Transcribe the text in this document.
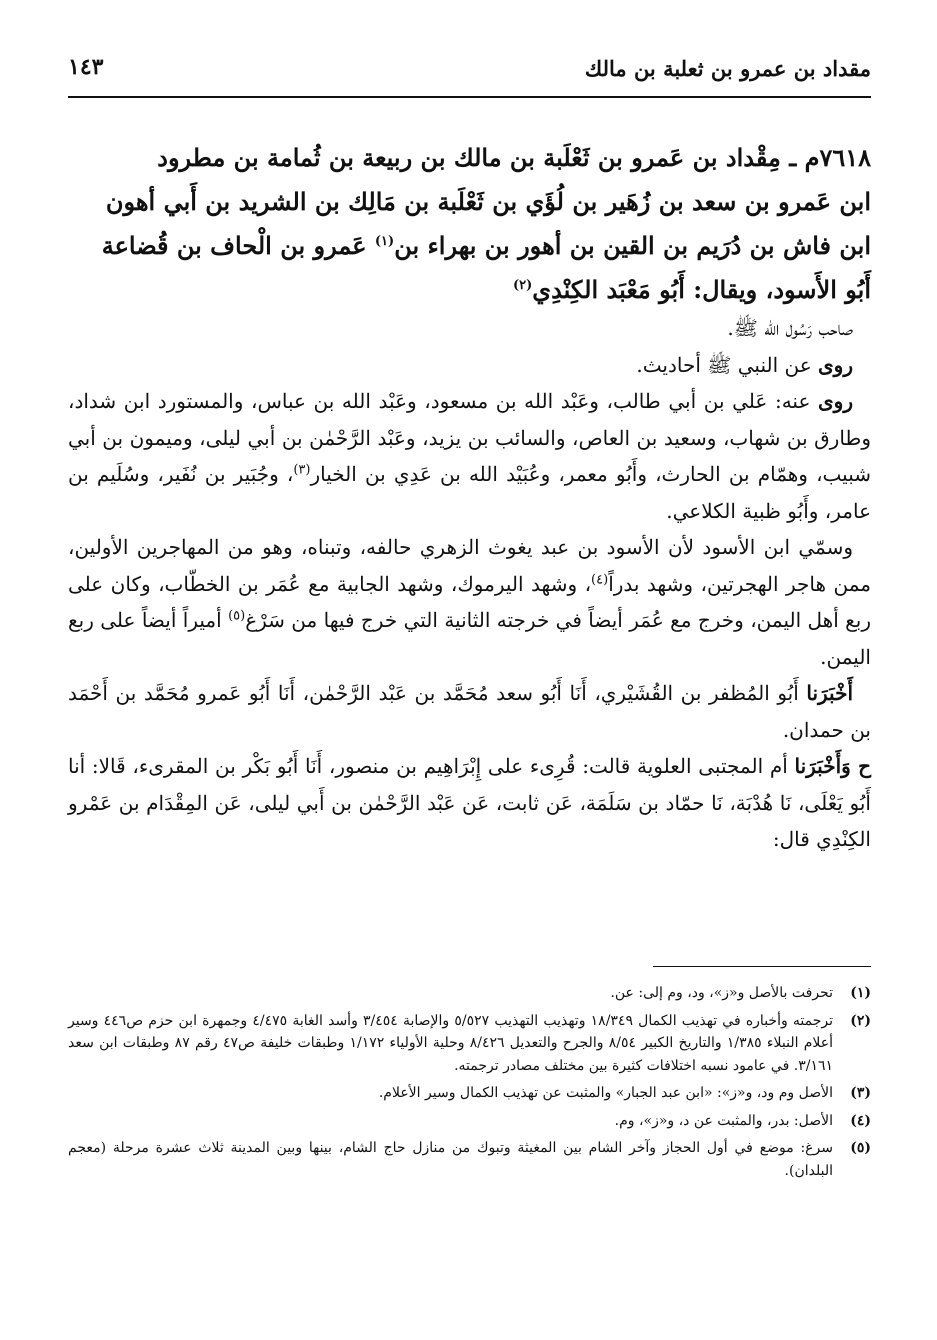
مقداد بن عمرو بن ثعلبة بن مالك
١٤٣
٧٦١٨م ـ مِقْداد بن عَمرو بن ثَعْلَبة بن مالك بن ربيعة بن ثُمامة بن مطرود
ابن عَمرو بن سعد بن زُهَير بن لُؤَي بن ثَعْلَبة بن مَالِك بن الشريد بن أَبي أهون
ابن فاش بن دُرَيم بن القين بن أهور بن بهراء بن$^{(١)}$ عَمرو بن الْحاف بن قُضاعة
أَبُو الأَسود، ويقال: أَبُو مَعْبَد الكِنْدِي$^{(٢)}$

صاحب رَسُول الله ﷺ.

روى عن النبي ﷺ أحاديث.

روى عنه: عَلي بن أبي طالب، وعَبْد الله بن مسعود، وعَبْد الله بن عباس، والمستورد ابن شداد، وطارق بن شهاب، وسعيد بن العاص، والسائب بن يزيد، وعَبْد الرَّحْمٰن بن أبي ليلى، وميمون بن أبي شبيب، وهمّام بن الحارث، وأَبُو معمر، وعُبَيْد الله بن عَدِي بن الخيار$^{(٣)}$، وجُبَير بن نُفَير، وسُلَيم بن عامر، وأَبُو ظبية الكلاعي.

وسمّي ابن الأسود لأن الأسود بن عبد يغوث الزهري حالفه، وتبناه، وهو من المهاجرين الأولين، ممن هاجر الهجرتين، وشهد بدراً$^{(٤)}$، وشهد اليرموك، وشهد الجابية مع عُمَر بن الخطّاب، وكان على ربع أهل اليمن، وخرج مع عُمَر أيضاً في خرجته الثانية التي خرج فيها من سَرْغ$^{(٥)}$ أميراً أيضاً على ربع اليمن.

أَخْبَرَنا أَبُو المُظفر بن القُشَيْري، أَنَا أَبُو سعد مُحَمَّد بن عَبْد الرَّحْمٰن، أَنَا أَبُو عَمرو مُحَمَّد بن أَحْمَد بن حمدان.

ح وَأَخْبَرَنا أم المجتبى العلوية قالت: قُرِىء على إِبْرَاهِيم بن منصور، أَنَا أَبُو بَكْر بن المقرىء، قَالا: أنا أَبُو يَعْلَى، نَا هُدْبَة، نَا حمّاد بن سَلَمَة، عَن ثابت، عَن عَبْد الرَّحْمٰن بن أَبي ليلى، عَن المِقْدَام بن عَمْرو الكِنْدِي قال:

(١)
تحرفت بالأصل و«ز»، ود، وم إلى: عن.
(٢)
ترجمته وأخباره في تهذيب الكمال ١٨/٣٤٩ وتهذيب التهذيب ٥/٥٢٧ والإصابة ٣/٤٥٤ وأسد الغابة ٤/٤٧٥ وجمهرة ابن حزم ص٤٤٦ وسير أعلام النبلاء ١/٣٨٥ والتاريخ الكبير ٨/٥٤ والجرح والتعديل ٨/٤٢٦ وحلية الأولياء ١/١٧٢ وطبقات خليفة ص٤٧ رقم ٨٧ وطبقات ابن سعد ٣/١٦١. في عامود نسبه اختلافات كثيرة بين مختلف مصادر ترجمته.
(٣)
الأصل وم ود، و«ز»: «ابن عبد الجبار» والمثبت عن تهذيب الكمال وسير الأعلام.
(٤)
الأصل: بدر، والمثبت عن د، و«ز»، وم.
(٥)
سرغ: موضع في أول الحجاز وآخر الشام بين المغيثة وتبوك من منازل حاج الشام، بينها وبين المدينة ثلاث عشرة مرحلة (معجم البلدان).
